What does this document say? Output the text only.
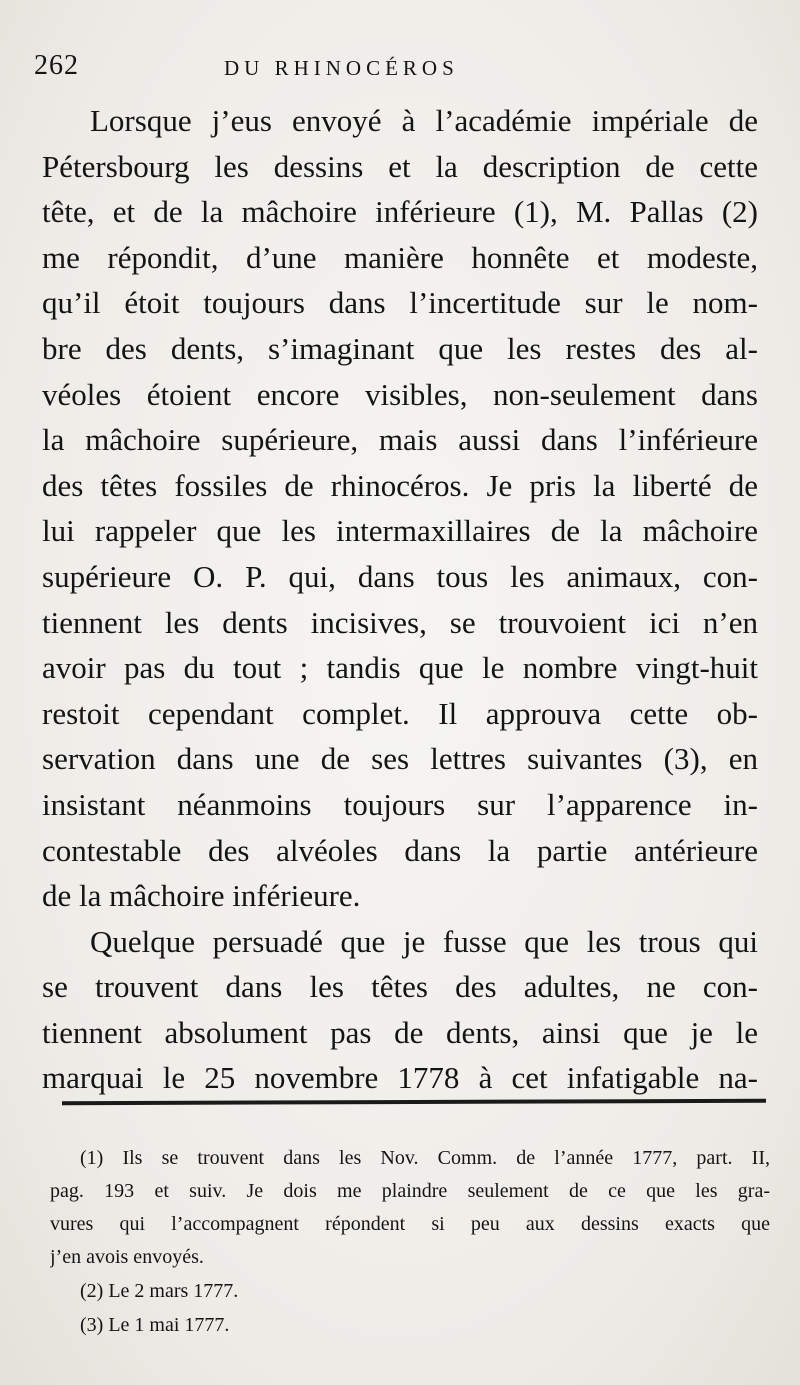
262	DU RHINOCÉROS
Lorsque j’eus envoyé à l’académie impériale de
Pétersbourg les dessins et la description de cette
tête, et de la mâchoire inférieure (1), M. Pallas (2)
me répondit, d’une manière honnête et modeste,
qu’il étoit toujours dans l’incertitude sur le nom-
bre des dents, s’imaginant que les restes des al-
véoles étoient encore visibles, non-seulement dans
la mâchoire supérieure, mais aussi dans l’inférieure
des têtes fossiles de rhinocéros. Je pris la liberté de
lui rappeler que les intermaxillaires de la mâchoire
supérieure O. P. qui, dans tous les animaux, con-
tiennent les dents incisives, se trouvoient ici n’en
avoir pas du tout ; tandis que le nombre vingt-huit
restoit cependant complet. Il approuva cette ob-
servation dans une de ses lettres suivantes (3), en
insistant néanmoins toujours sur l’apparence in-
contestable des alvéoles dans la partie antérieure
de la mâchoire inférieure.
Quelque persuadé que je fusse que les trous qui
se trouvent dans les têtes des adultes, ne con-
tiennent absolument pas de dents, ainsi que je le
marquai le 25 novembre 1778 à cet infatigable na-
(1) Ils se trouvent dans les Nov. Comm. de l’année 1777, part. II,
pag. 193 et suiv. Je dois me plaindre seulement de ce que les gra-
vures qui l’accompagnent répondent si peu aux dessins exacts que
j’en avois envoyés.
(2) Le 2 mars 1777.
(3) Le 1 mai 1777.
